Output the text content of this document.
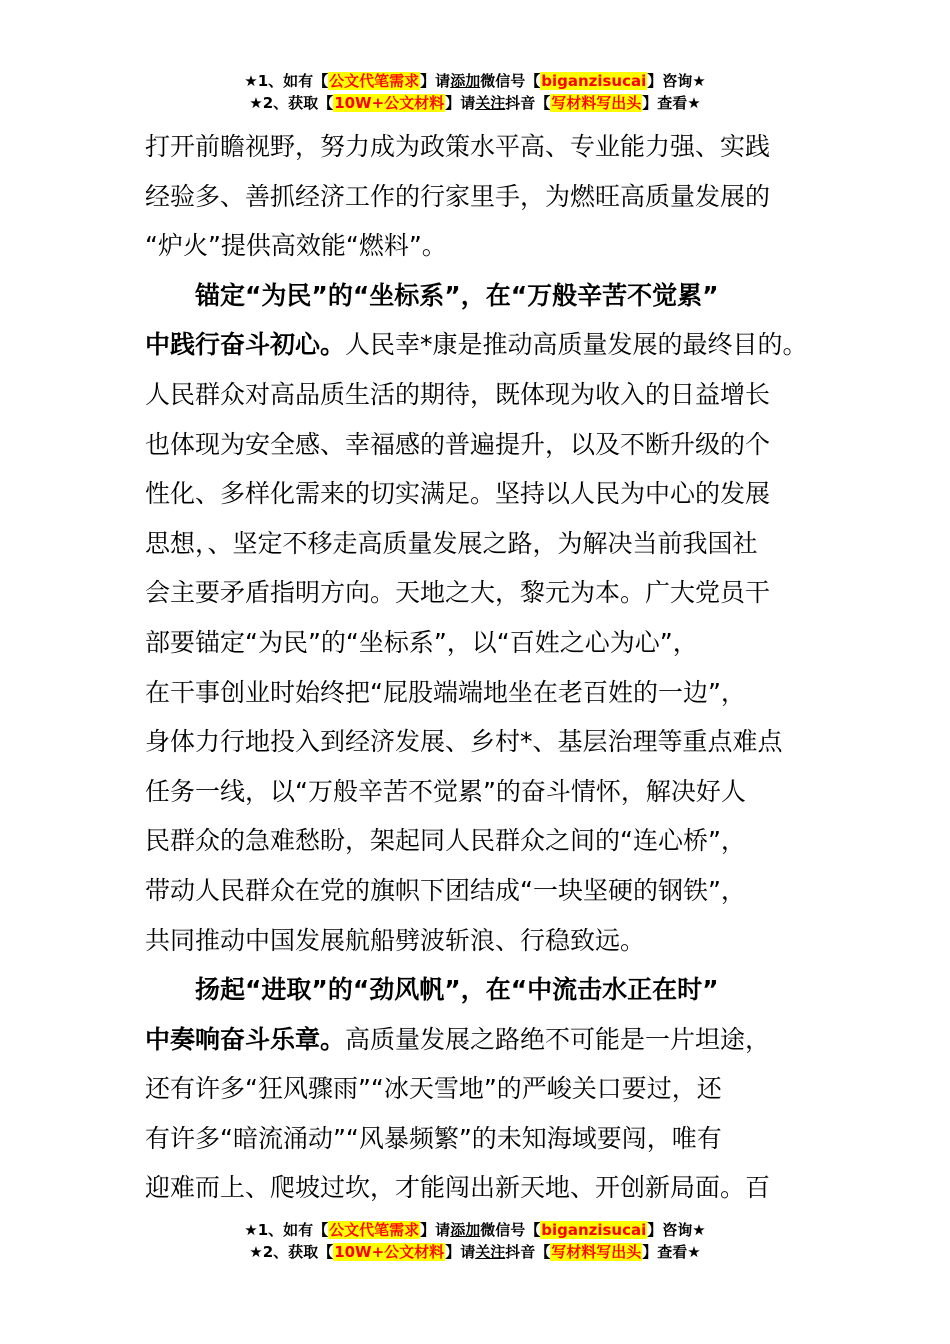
★1、如有【公文代笔需求】请添加微信号【biganzisucai】咨询★
★2、获取【10W+公文材料】请关注抖音【写材料写出头】查看★
打开前瞻视野，努力成为政策水平高、专业能力强、实践
经验多、善抓经济工作的行家里手，为燃旺高质量发展的
“炉火”提供高效能“燃料”。
锚定“为民”的“坐标系”，在“万般辛苦不觉累”
中践行奋斗初心。人民幸*康是推动高质量发展的最终目的。
人民群众对高品质生活的期待，既体现为收入的日益增长
也体现为安全感、幸福感的普遍提升，以及不断升级的个
性化、多样化需来的切实满足。坚持以人民为中心的发展
思想，、坚定不移走高质量发展之路，为解决当前我国社
会主要矛盾指明方向。天地之大，黎元为本。广大党员干
部要锚定“为民”的“坐标系”，以“百姓之心为心”，
在干事创业时始终把“屁股端端地坐在老百姓的一边”，
身体力行地投入到经济发展、乡村*、基层治理等重点难点
任务一线，以“万般辛苦不觉累”的奋斗情怀，解决好人
民群众的急难愁盼，架起同人民群众之间的“连心桥”，
带动人民群众在党的旗帜下团结成“一块坚硬的钢铁”，
共同推动中国发展航船劈波斩浪、行稳致远。
扬起“进取”的“劲风帆”，在“中流击水正在时”
中奏响奋斗乐章。高质量发展之路绝不可能是一片坦途，
还有许多“狂风骤雨”“冰天雪地”的严峻关口要过，还
有许多“暗流涌动”“风暴频繁”的未知海域要闯，唯有
迎难而上、爬坡过坎，才能闯出新天地、开创新局面。百
★1、如有【公文代笔需求】请添加微信号【biganzisucai】咨询★
★2、获取【10W+公文材料】请关注抖音【写材料写出头】查看★
